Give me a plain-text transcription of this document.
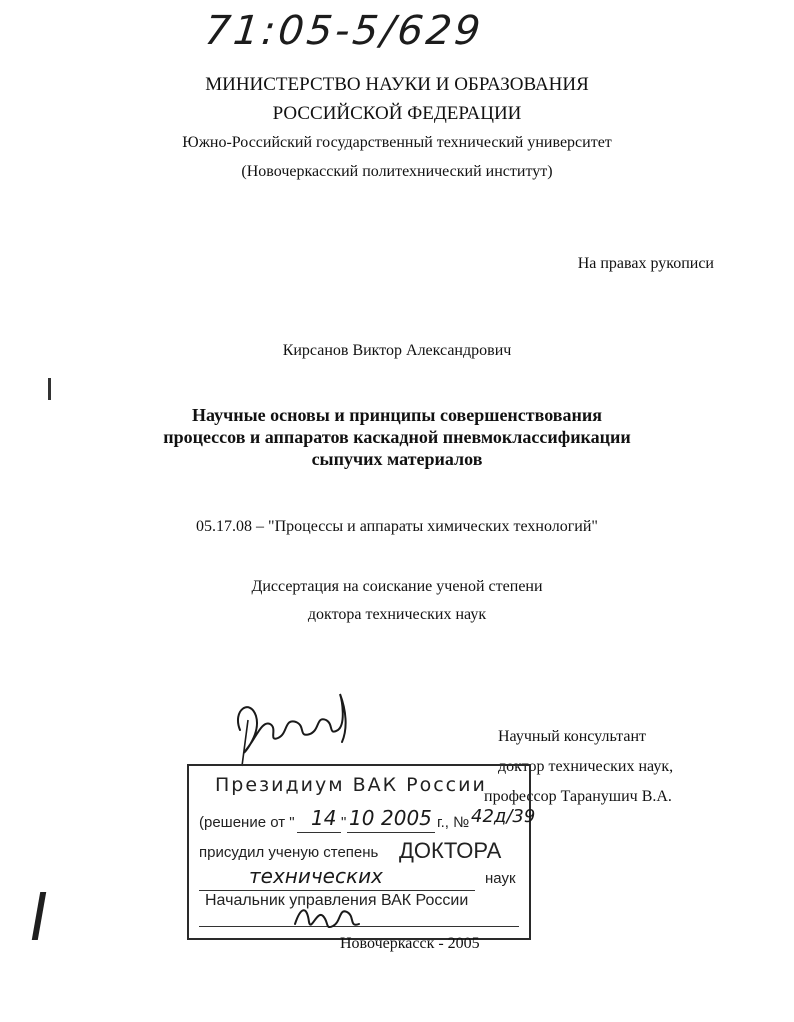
71:05-5/629
МИНИСТЕРСТВО НАУКИ И ОБРАЗОВАНИЯ
РОССИЙСКОЙ ФЕДЕРАЦИИ
Южно-Российский государственный технический университет
(Новочеркасский политехнический институт)
На правах рукописи
Кирсанов Виктор Александрович
Научные основы и принципы совершенствования
процессов и аппаратов каскадной пневмоклассификации
сыпучих материалов
05.17.08 – "Процессы и аппараты химических технологий"
Диссертация на соискание ученой степени
доктора технических наук
Научный консультант
доктор технических наук,
профессор Таранушич В.А.
Президиум ВАК России
(решение от " 14 " 10 2005 г., № 42д/39
присудил ученую степень ДОКТОРА
технических	наук
Начальник управления ВАК России
Новочеркасск - 2005
